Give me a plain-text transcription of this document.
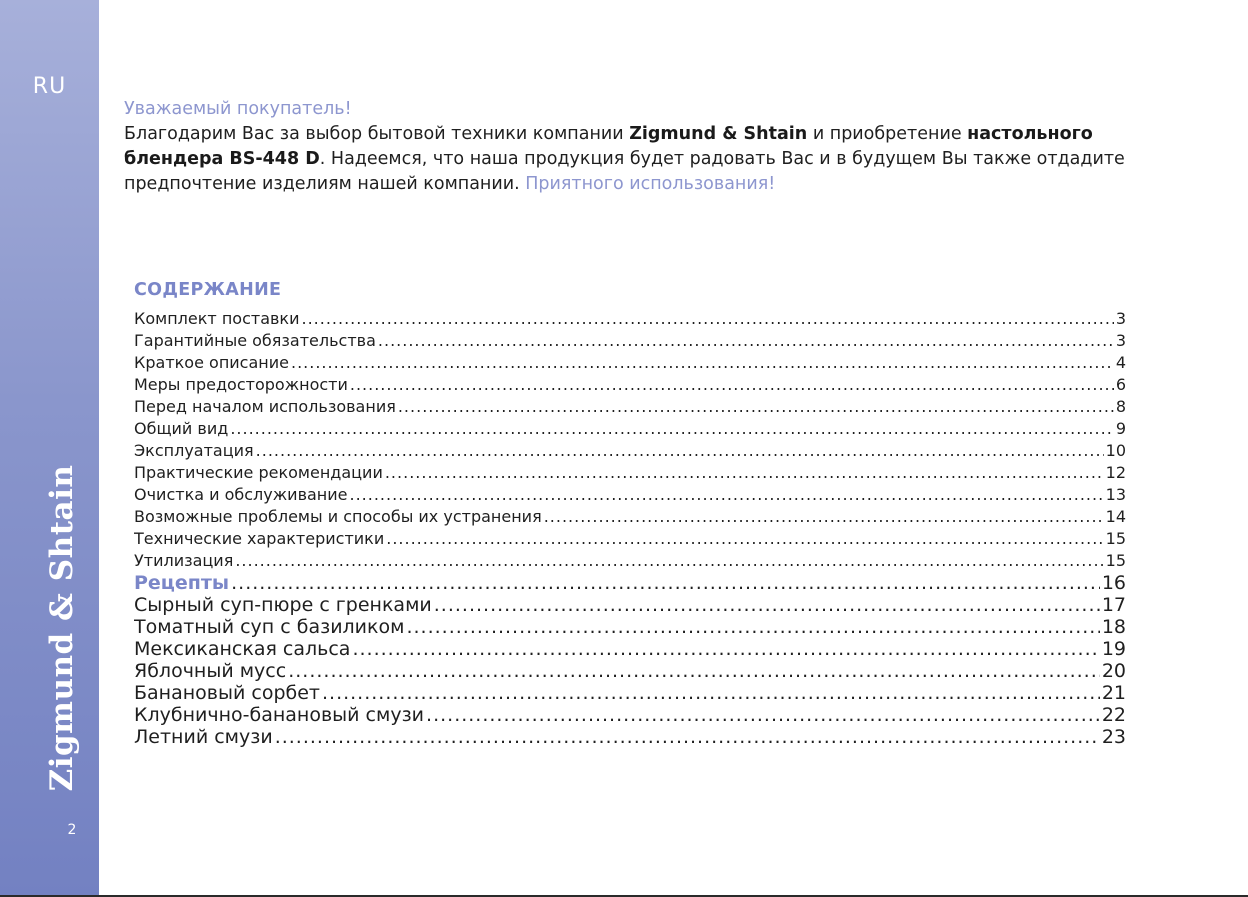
RU
Zigmund & Shtain
2
Уважаемый покупатель!
Благодарим Вас за выбор бытовой техники компании Zigmund & Shtain и приобретение настольного блендера BS-448 D. Надеемся, что наша продукция будет радовать Вас и в будущем Вы также отдадите предпочтение изделиям нашей компании. Приятного использования!
СОДЕРЖАНИЕ
Комплект поставки .....	3
Гарантийные обязательства .....	3
Краткое описание .....	4
Меры предосторожности .....	6
Перед началом использования .....	8
Общий вид .....	9
Эксплуатация .....	10
Практические рекомендации .....	12
Очистка и обслуживание .....	13
Возможные проблемы и способы их устранения .....	14
Технические характеристики .....	15
Утилизация .....	15
Рецепты .....	16
Сырный суп-пюре с гренками .....	17
Томатный суп с базиликом .....	18
Мексиканская сальса .....	19
Яблочный мусс .....	20
Банановый сорбет .....	21
Клубнично-банановый смузи .....	22
Летний смузи .....	23
